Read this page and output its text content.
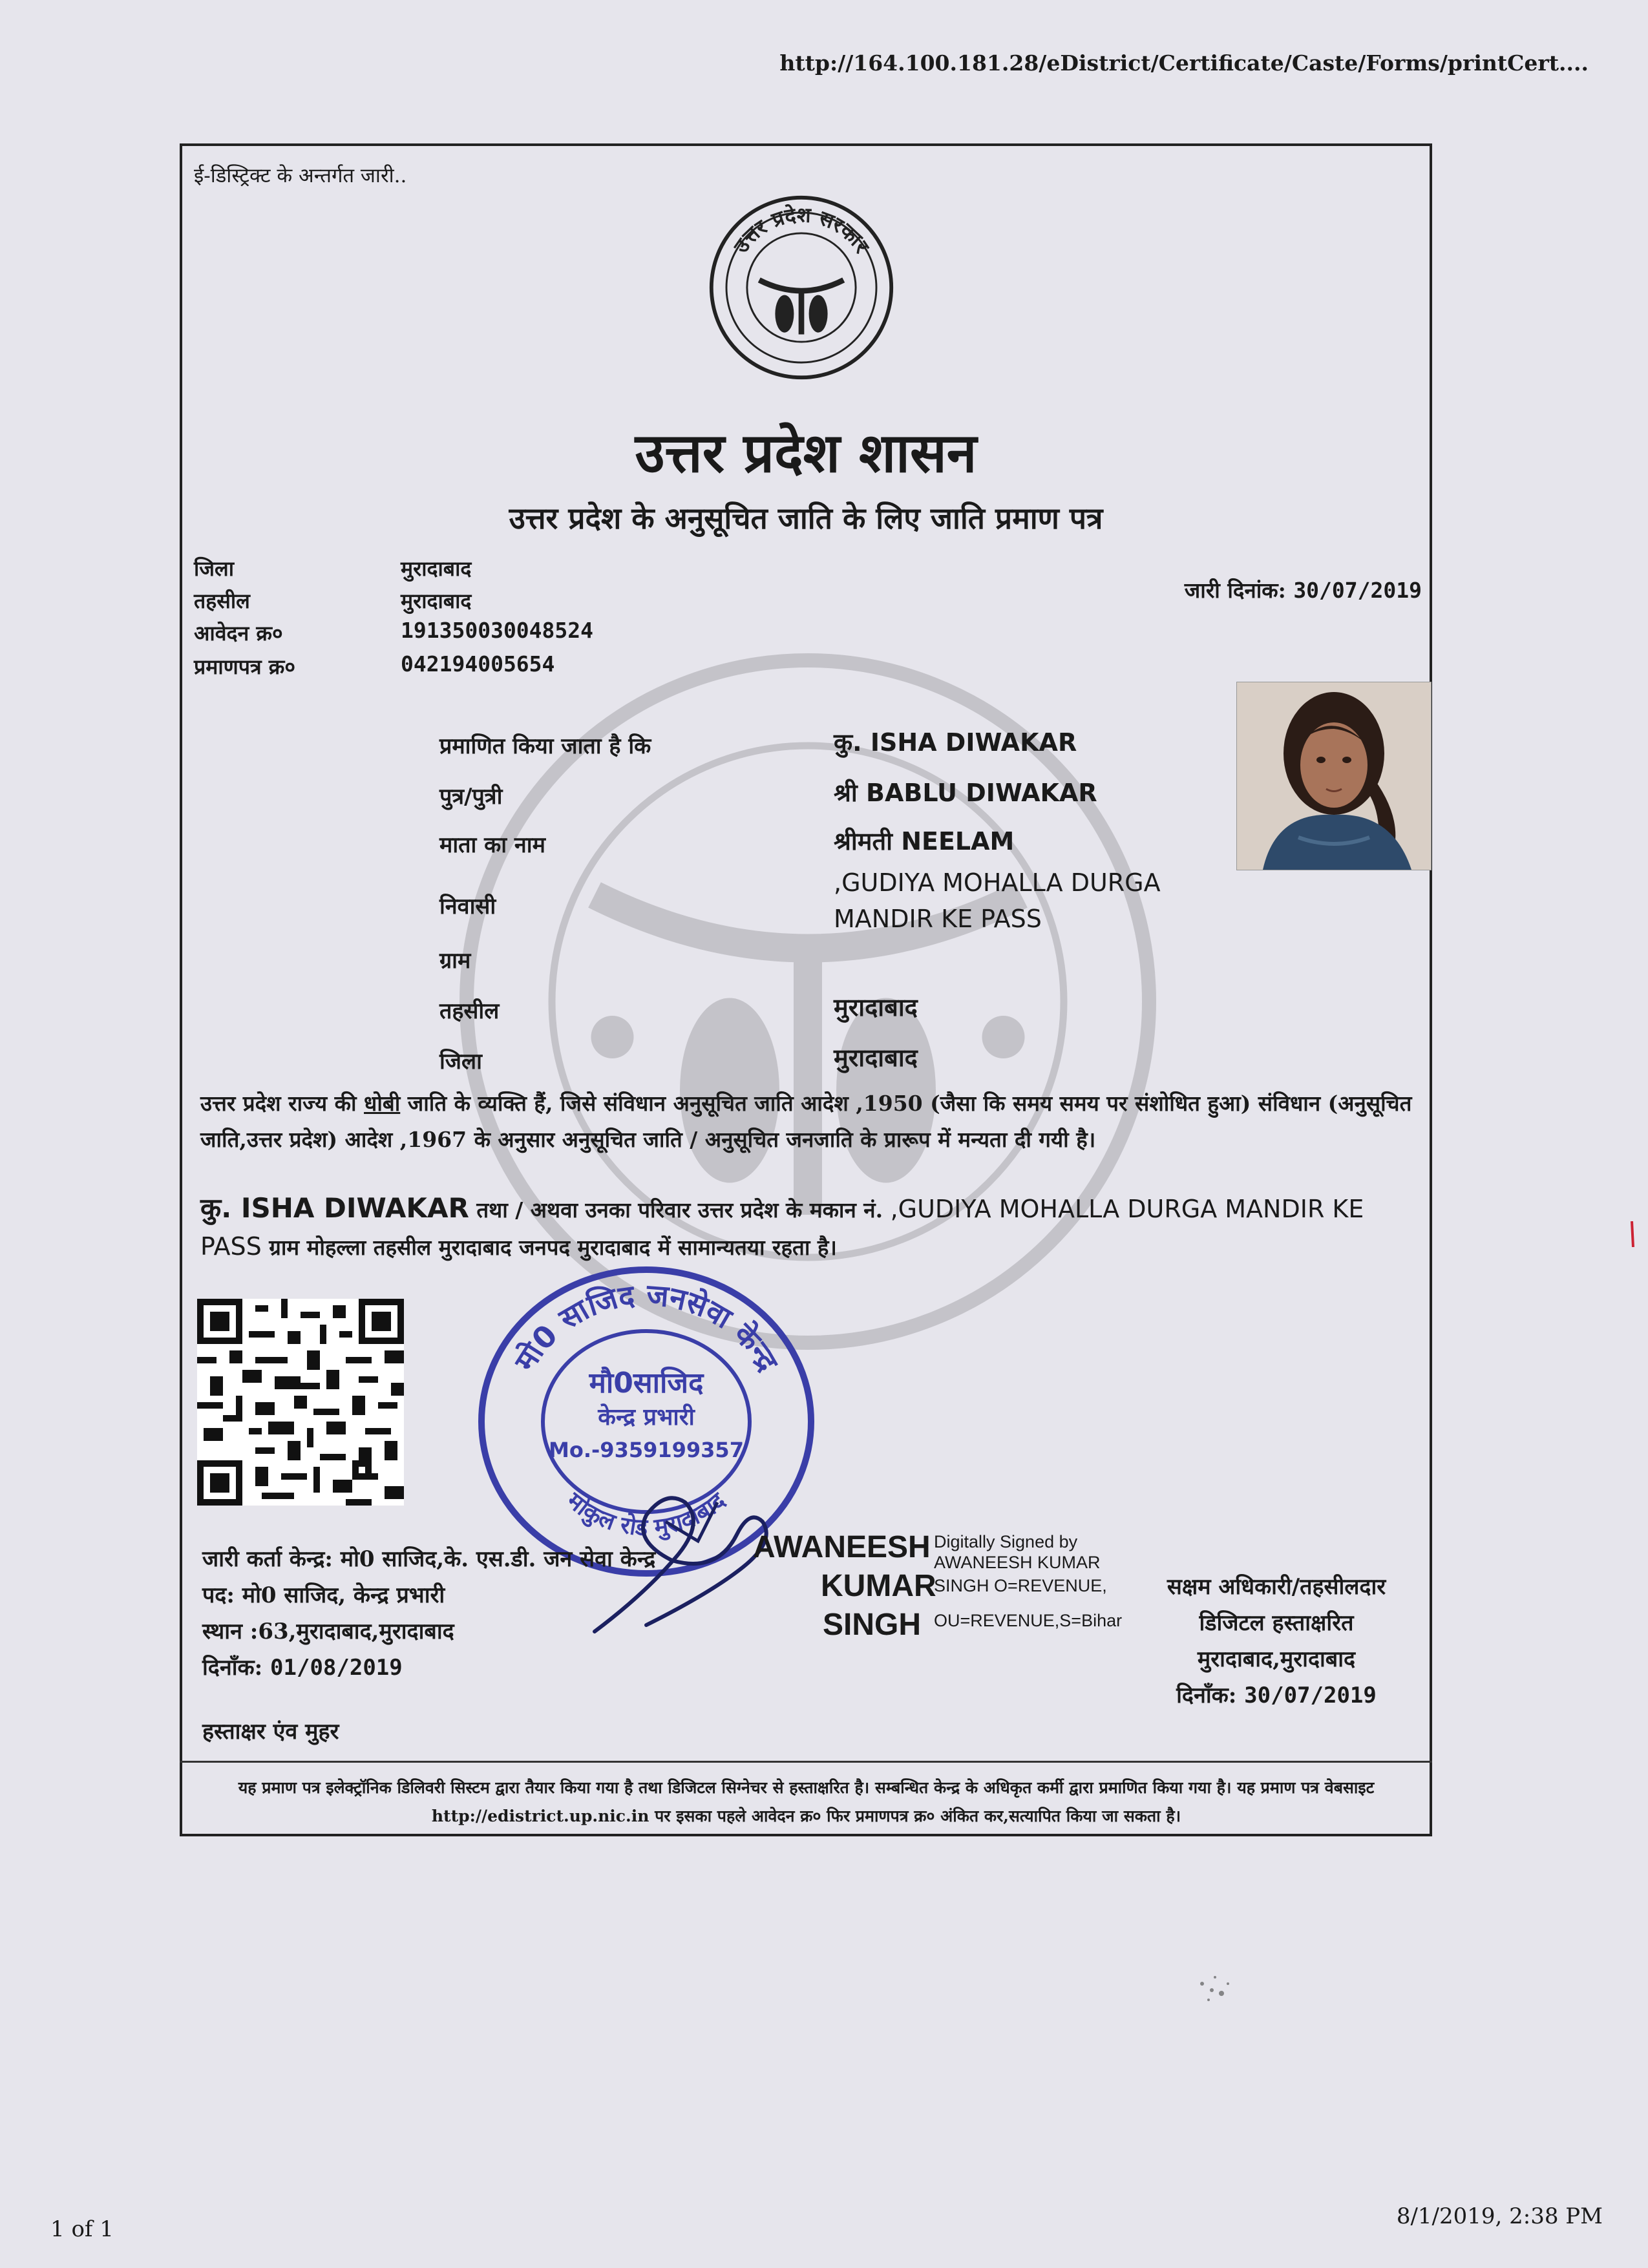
http://164.100.181.28/eDistrict/Certificate/Caste/Forms/printCert....
1 of 1	8/1/2019, 2:38 PM
ई-डिस्ट्रिक्ट के अन्तर्गत जारी..
उत्तर प्रदेश सरकार
उत्तर प्रदेश शासन
उत्तर प्रदेश के अनुसूचित जाति के लिए जाति प्रमाण पत्र
जिला	मुरादाबाद
तहसील	मुरादाबाद
आवेदन क्र०	191350030048524
प्रमाणपत्र क्र०	042194005654
जारी दिनांक: 30/07/2019
प्रमाणित किया जाता है कि	कु. ISHA DIWAKAR
पुत्र/पुत्री	श्री BABLU DIWAKAR
माता का नाम	श्रीमती NEELAM
निवासी
,GUDIYA MOHALLA DURGA
MANDIR KE PASS
ग्राम
तहसील	मुरादाबाद
जिला	मुरादाबाद
उत्तर प्रदेश राज्य की धोबी जाति के व्यक्ति हैं, जिसे संविधान अनुसूचित जाति आदेश ,1950 (जैसा कि समय समय पर संशोधित हुआ) संविधान (अनुसूचित जाति,उत्तर प्रदेश) आदेश ,1967 के अनुसार अनुसूचित जाति / अनुसूचित जनजाति के प्रारूप में मन्यता दी गयी है।
कु. ISHA DIWAKAR तथा / अथवा उनका परिवार उत्तर प्रदेश के मकान नं. ,GUDIYA MOHALLA DURGA MANDIR KE PASS ग्राम मोहल्ला तहसील मुरादाबाद जनपद मुरादाबाद में सामान्यतया रहता है।
मो0 साजिद जनसेवा केन्द्र
मोकुल रोड मुरादाबाद
मौ0साजिद
केन्द्र प्रभारी
Mo.-9359199357
जारी कर्ता केन्द्र: मो0 साजिद,के. एस.डी. जन सेवा केन्द्र
पद: मो0 साजिद, केन्द्र प्रभारी
स्थान :63,मुरादाबाद,मुरादाबाद
दिनाँक: 01/08/2019
AWANEESH
KUMAR
SINGH
Digitally Signed by
AWANEESH KUMAR
SINGH O=REVENUE,
OU=REVENUE,S=Bihar
सक्षम अधिकारी/तहसीलदार
डिजिटल हस्ताक्षरित
मुरादाबाद,मुरादाबाद
दिनाँक: 30/07/2019
हस्ताक्षर एंव मुहर
यह प्रमाण पत्र इलेक्ट्रॉनिक डिलिवरी सिस्टम द्वारा तैयार किया गया है तथा डिजिटल सिग्नेचर से हस्ताक्षरित है। सम्बन्धित केन्द्र के अधिकृत कर्मी द्वारा प्रमाणित किया गया है। यह प्रमाण पत्र वेबसाइट http://edistrict.up.nic.in पर इसका पहले आवेदन क्र० फिर प्रमाणपत्र क्र० अंकित कर,सत्यापित किया जा सकता है।
